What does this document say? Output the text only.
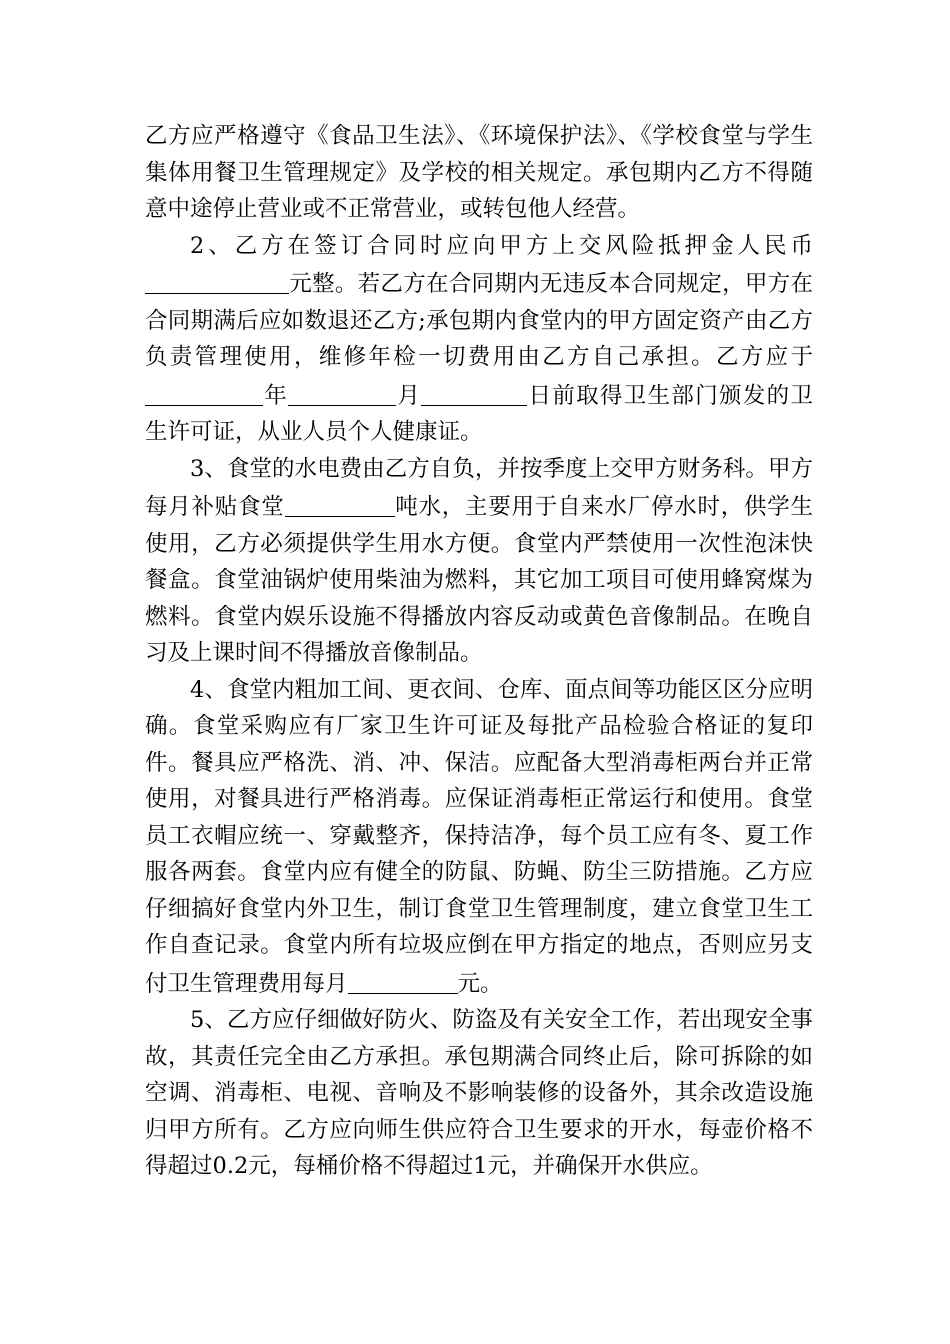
乙方应严格遵守《食品卫生法》、《环境保护法》、《学校食堂与学生集体用餐卫生管理规定》及学校的相关规定。承包期内乙方不得随意中途停止营业或不正常营业，或转包他人经营。

2、乙方在签订合同时应向甲方上交风险抵押金人民币元整。若乙方在合同期内无违反本合同规定，甲方在合同期满后应如数退还乙方;承包期内食堂内的甲方固定资产由乙方负责管理使用，维修年检一切费用由乙方自己承担。乙方应于年	月	日前取得卫生部门颁发的卫生许可证，从业人员个人健康证。

3、食堂的水电费由乙方自负，并按季度上交甲方财务科。甲方每月补贴食堂	吨水，主要用于自来水厂停水时，供学生使用，乙方必须提供学生用水方便。食堂内严禁使用一次性泡沫快餐盒。食堂油锅炉使用柴油为燃料，其它加工项目可使用蜂窝煤为燃料。食堂内娱乐设施不得播放内容反动或黄色音像制品。在晚自习及上课时间不得播放音像制品。

4、食堂内粗加工间、更衣间、仓库、面点间等功能区区分应明确。食堂采购应有厂家卫生许可证及每批产品检验合格证的复印件。餐具应严格洗、消、冲、保洁。应配备大型消毒柜两台并正常使用，对餐具进行严格消毒。应保证消毒柜正常运行和使用。食堂员工衣帽应统一、穿戴整齐，保持洁净，每个员工应有冬、夏工作服各两套。食堂内应有健全的防鼠、防蝇、防尘三防措施。乙方应仔细搞好食堂内外卫生，制订食堂卫生管理制度，建立食堂卫生工作自查记录。食堂内所有垃圾应倒在甲方指定的地点，否则应另支付卫生管理费用每月	元。

5、乙方应仔细做好防火、防盗及有关安全工作，若出现安全事故，其责任完全由乙方承担。承包期满合同终止后，除可拆除的如空调、消毒柜、电视、音响及不影响装修的设备外，其余改造设施归甲方所有。乙方应向师生供应符合卫生要求的开水，每壶价格不得超过0.2元，每桶价格不得超过1元，并确保开水供应。
